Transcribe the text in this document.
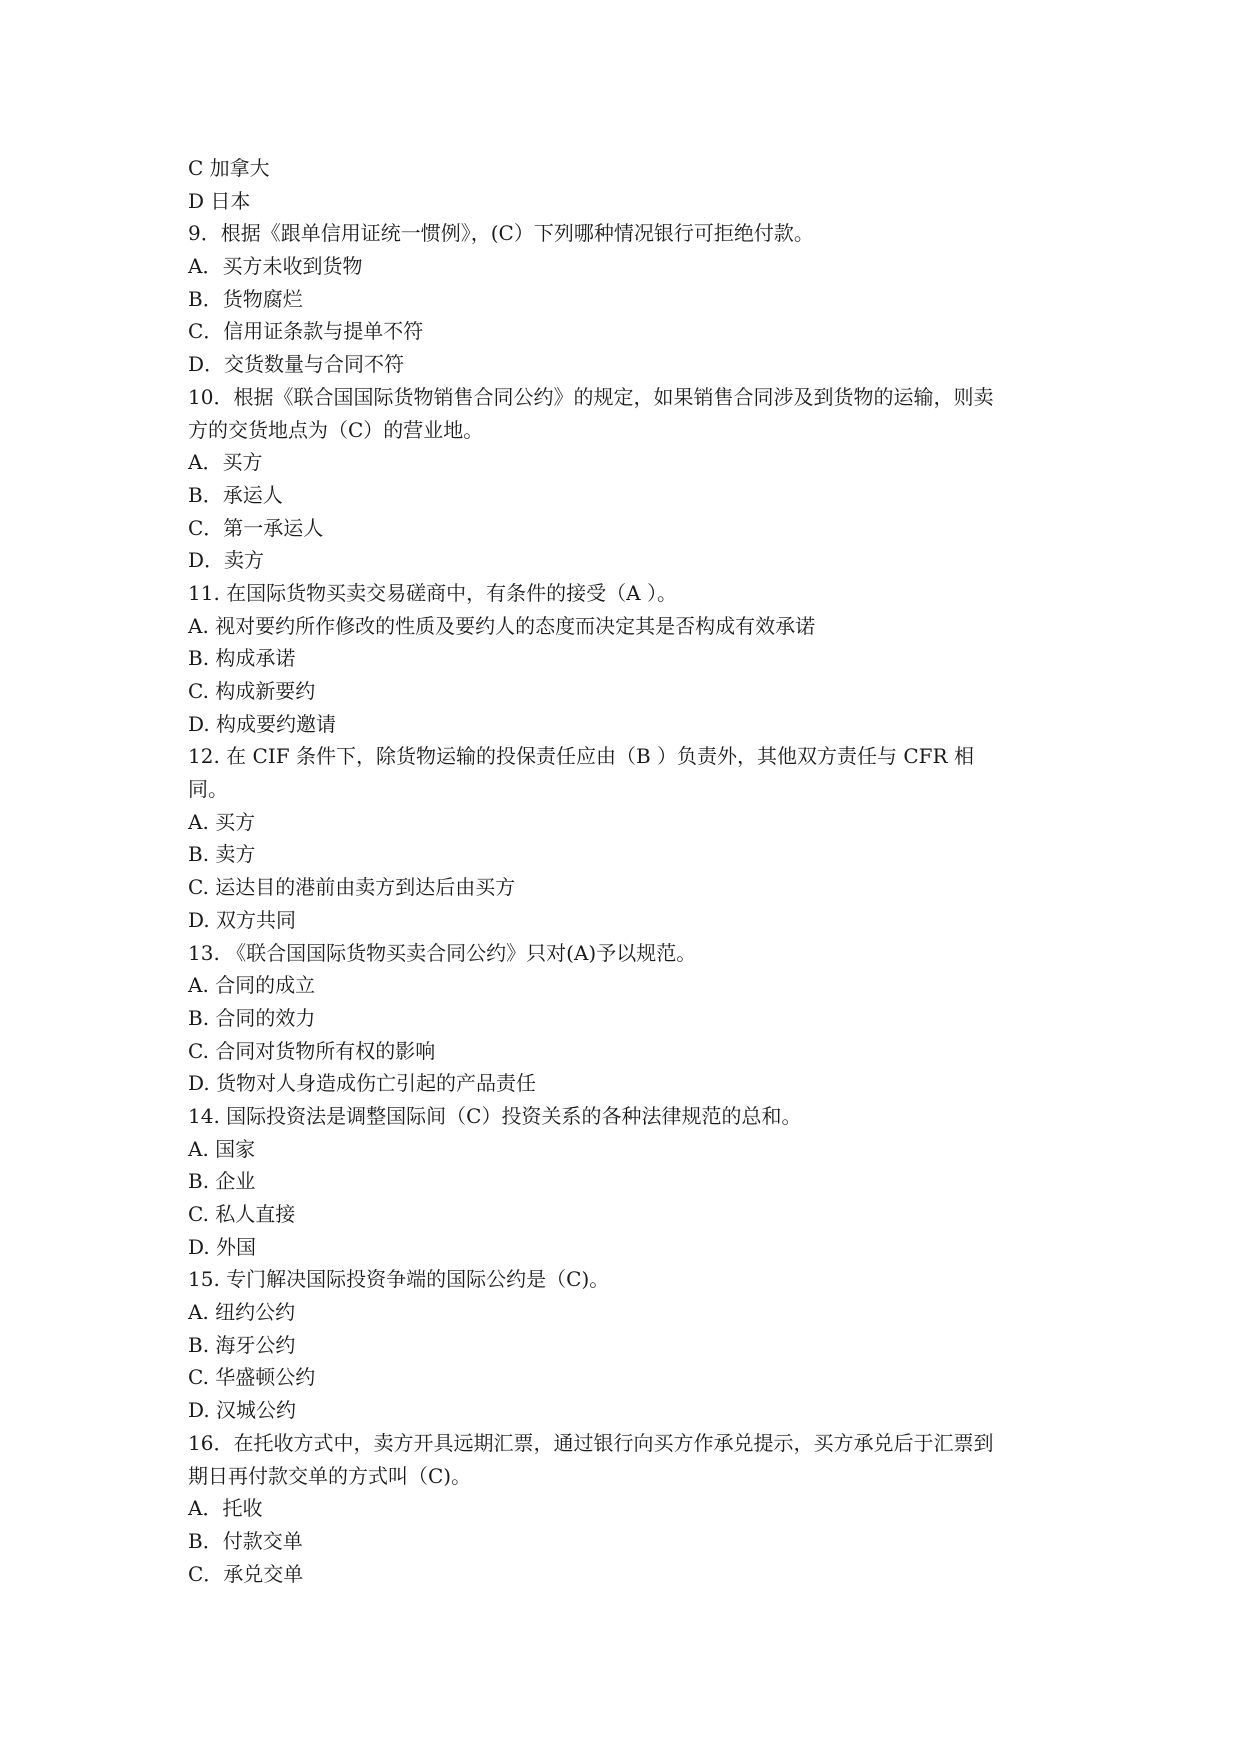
C 加拿大
D 日本
9．根据《跟单信用证统一惯例》，(C）下列哪种情况银行可拒绝付款。
A．买方未收到货物
B．货物腐烂
C．信用证条款与提单不符
D．交货数量与合同不符
10．根据《联合国国际货物销售合同公约》的规定，如果销售合同涉及到货物的运输，则卖
方的交货地点为（C）的营业地。
A．买方
B．承运人
C．第一承运人
D．卖方
11. 在国际货物买卖交易磋商中，有条件的接受（A ）。
A. 视对要约所作修改的性质及要约人的态度而决定其是否构成有效承诺
B. 构成承诺
C. 构成新要约
D. 构成要约邀请
12. 在 CIF 条件下，除货物运输的投保责任应由（B ）负责外，其他双方责任与 CFR 相
同。
A. 买方
B. 卖方
C. 运达目的港前由卖方到达后由买方
D. 双方共同
13. 《联合国国际货物买卖合同公约》只对(A)予以规范。
A. 合同的成立
B. 合同的效力
C. 合同对货物所有权的影响
D. 货物对人身造成伤亡引起的产品责任
14. 国际投资法是调整国际间（C）投资关系的各种法律规范的总和。
A. 国家
B. 企业
C. 私人直接
D. 外国
15. 专门解决国际投资争端的国际公约是（C)。
A. 纽约公约
B. 海牙公约
C. 华盛顿公约
D. 汉城公约
16．在托收方式中，卖方开具远期汇票，通过银行向买方作承兑提示，买方承兑后于汇票到
期日再付款交单的方式叫（C)。
A．托收
B．付款交单
C．承兑交单
